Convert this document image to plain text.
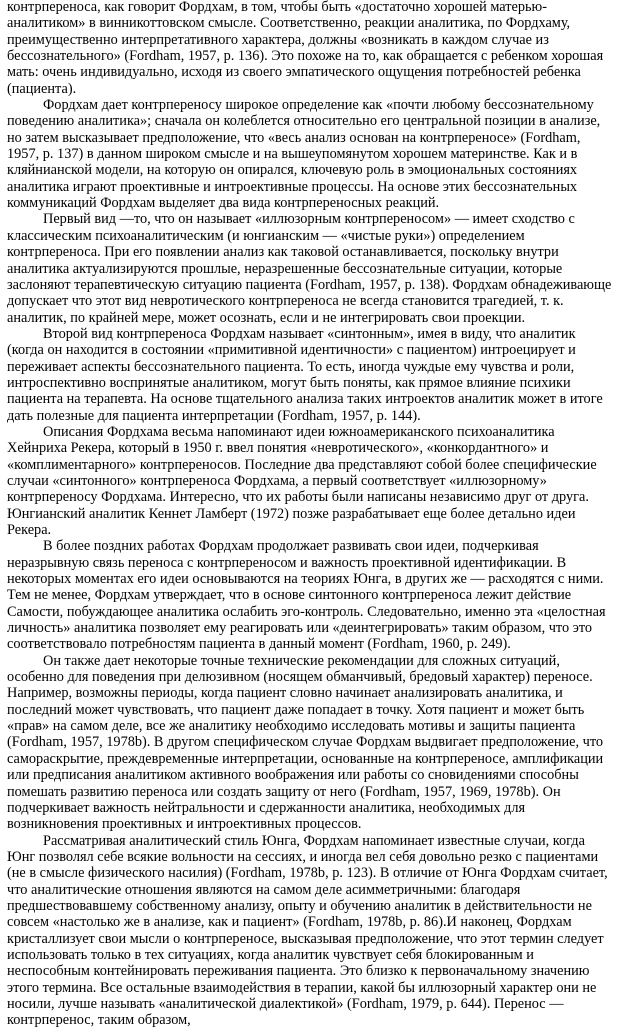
контрпереноса, как говорит Фордхам, в том, чтобы быть «достаточно хорошей матерью-аналитиком» в винникоттовском смысле. Соответственно, реакции аналитика, по Фордхаму, преимущественно интерпретативного характера, должны «возникать в каждом случае из бессознательного» (Fordham, 1957, p. 136). Это похоже на то, как обращается с ребенком хорошая мать: очень индивидуально, исходя из своего эмпатического ощущения потребностей ребенка (пациента).

Фордхам дает контрпереносу широкое определение как «почти любому бессознательному поведению аналитика»; сначала он колеблется относительно его центральной позиции в анализе, но затем высказывает предположение, что «весь анализ основан на контрпереносе» (Fordham, 1957, p. 137) в данном широком смысле и на вышеупомянутом хорошем материнстве. Как и в кляйнианской модели, на которую он опирался, ключевую роль в эмоциональных состояниях аналитика играют проективные и интроективные процессы. На основе этих бессознательных коммуникаций Фордхам выделяет два вида контрпереносных реакций.

Первый вид —то, что он называет «иллюзорным контрпереносом» — имеет сходство с классическим психоаналитическим (и юнгианским — «чистые руки») определением контрпереноса. При его появлении анализ как таковой останавливается, поскольку внутри аналитика актуализируются прошлые, неразрешенные бессознательные ситуации, которые заслоняют терапевтическую ситуацию пациента (Fordham, 1957, p. 138). Фордхам обнадеживающе допускает что этот вид невротического контрпереноса не всегда становится трагедией, т. к. аналитик, по крайней мере, может осознать, если и не интегрировать свои проекции.

Второй вид контрпереноса Фордхам называет «синтонным», имея в виду, что аналитик (когда он находится в состоянии «примитивной идентичности» с пациентом) интроецирует и переживает аспекты бессознательного пациента. То есть, иногда чуждые ему чувства и роли, интроспективно воспринятые аналитиком, могут быть поняты, как прямое влияние психики пациента на терапевта. На основе тщательного анализа таких интроектов аналитик может в итоге дать полезные для пациента интерпретации (Fordham, 1957, p. 144).

Описания Фордхама весьма напоминают идеи южноамериканского психоаналитика Хейнриха Рекера, который в 1950 г. ввел понятия «невротического», «конкордантного» и «комплиментарного» контрпереносов. Последние два представляют собой более специфические случаи «синтонного» контрпереноса Фордхама, а первый соответствует «иллюзорному» контрпереносу Фордхама. Интересно, что их работы были написаны независимо друг от друга. Юнгианский аналитик Кеннет Ламберт (1972) позже разрабатывает еще более детально идеи Рекера.

В более поздних работах Фордхам продолжает развивать свои идеи, подчеркивая неразрывную связь переноса с контрпереносом и важность проективной идентификации. В некоторых моментах его идеи основываются на теориях Юнга, в других же — расходятся с ними. Тем не менее, Фордхам утверждает, что в основе синтонного контрпереноса лежит действие Самости, побуждающее аналитика ослабить эго-контроль. Следовательно, именно эта «целостная личность» аналитика позволяет ему реагировать или «деинтегрировать» таким образом, что это соответствовало потребностям пациента в данный момент (Fordham, 1960, p. 249).

Он также дает некоторые точные технические рекомендации для сложных ситуаций, особенно для поведения при делюзивном (носящем обманчивый, бредовый характер) переносе. Например, возможны периоды, когда пациент словно начинает анализировать аналитика, и последний может чувствовать, что пациент даже попадает в точку. Хотя пациент и может быть «прав» на самом деле, все же аналитику необходимо исследовать мотивы и защиты пациента (Fordham, 1957, 1978b). В другом специфическом случае Фордхам выдвигает предположение, что самораскрытие, преждевременные интерпретации, основанные на контрпереносе, амплификации или предписания аналитиком активного воображения или работы со сновидениями способны помешать развитию переноса или создать защиту от него (Fordham, 1957, 1969, 1978b). Он подчеркивает важность нейтральности и сдержанности аналитика, необходимых для возникновения проективных и интроективных процессов.

Рассматривая аналитический стиль Юнга, Фордхам напоминает известные случаи, когда Юнг позволял себе всякие вольности на сессиях, и иногда вел себя довольно резко с пациентами (не в смысле физического насилия) (Fordham, 1978b, p. 123). В отличие от Юнга Фордхам считает, что аналитические отношения являются на самом деле асимметричными: благодаря предшествовавшему собственному анализу, опыту и обучению аналитик в действительности не совсем «настолько же в анализе, как и пациент» (Fordham, 1978b, p. 86).И наконец, Фордхам кристаллизует свои мысли о контрпереносе, высказывая предположение, что этот термин следует использовать только в тех ситуациях, когда аналитик чувствует себя блокированным и неспособным контейнировать переживания пациента. Это близко к первоначальному значению этого термина. Все остальные взаимодействия в терапии, какой бы иллюзорный характер они не носили, лучше называть «аналитической диалектикой» (Fordham, 1979, p. 644). Перенос — контрперенос, таким образом,
